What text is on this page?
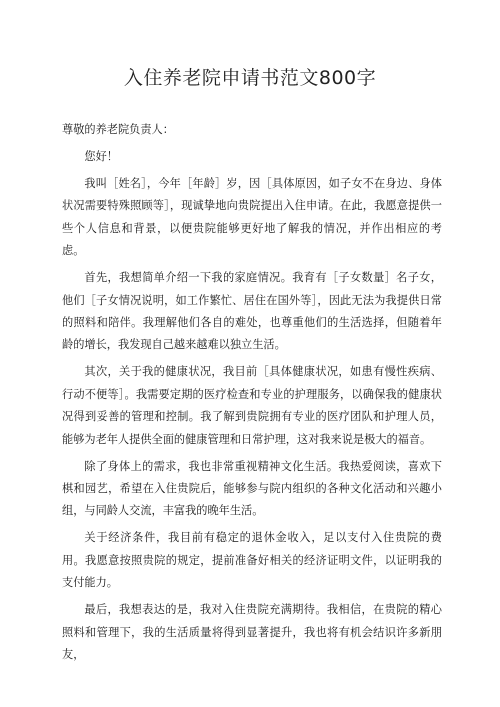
入住养老院申请书范文800字

尊敬的养老院负责人：

您好！

我叫［姓名］，今年［年龄］岁，因［具体原因，如子女不在身边、身体状况需要特殊照顾等］，现诚挚地向贵院提出入住申请。在此，我愿意提供一些个人信息和背景，以便贵院能够更好地了解我的情况，并作出相应的考虑。

首先，我想简单介绍一下我的家庭情况。我育有［子女数量］名子女，他们［子女情况说明，如工作繁忙、居住在国外等］，因此无法为我提供日常的照料和陪伴。我理解他们各自的难处，也尊重他们的生活选择，但随着年龄的增长，我发现自己越来越难以独立生活。

其次，关于我的健康状况，我目前［具体健康状况，如患有慢性疾病、行动不便等］。我需要定期的医疗检查和专业的护理服务，以确保我的健康状况得到妥善的管理和控制。我了解到贵院拥有专业的医疗团队和护理人员，能够为老年人提供全面的健康管理和日常护理，这对我来说是极大的福音。

除了身体上的需求，我也非常重视精神文化生活。我热爱阅读，喜欢下棋和园艺，希望在入住贵院后，能够参与院内组织的各种文化活动和兴趣小组，与同龄人交流，丰富我的晚年生活。

关于经济条件，我目前有稳定的退休金收入，足以支付入住贵院的费用。我愿意按照贵院的规定，提前准备好相关的经济证明文件，以证明我的支付能力。

最后，我想表达的是，我对入住贵院充满期待。我相信，在贵院的精心照料和管理下，我的生活质量将得到显著提升，我也将有机会结识许多新朋友，
